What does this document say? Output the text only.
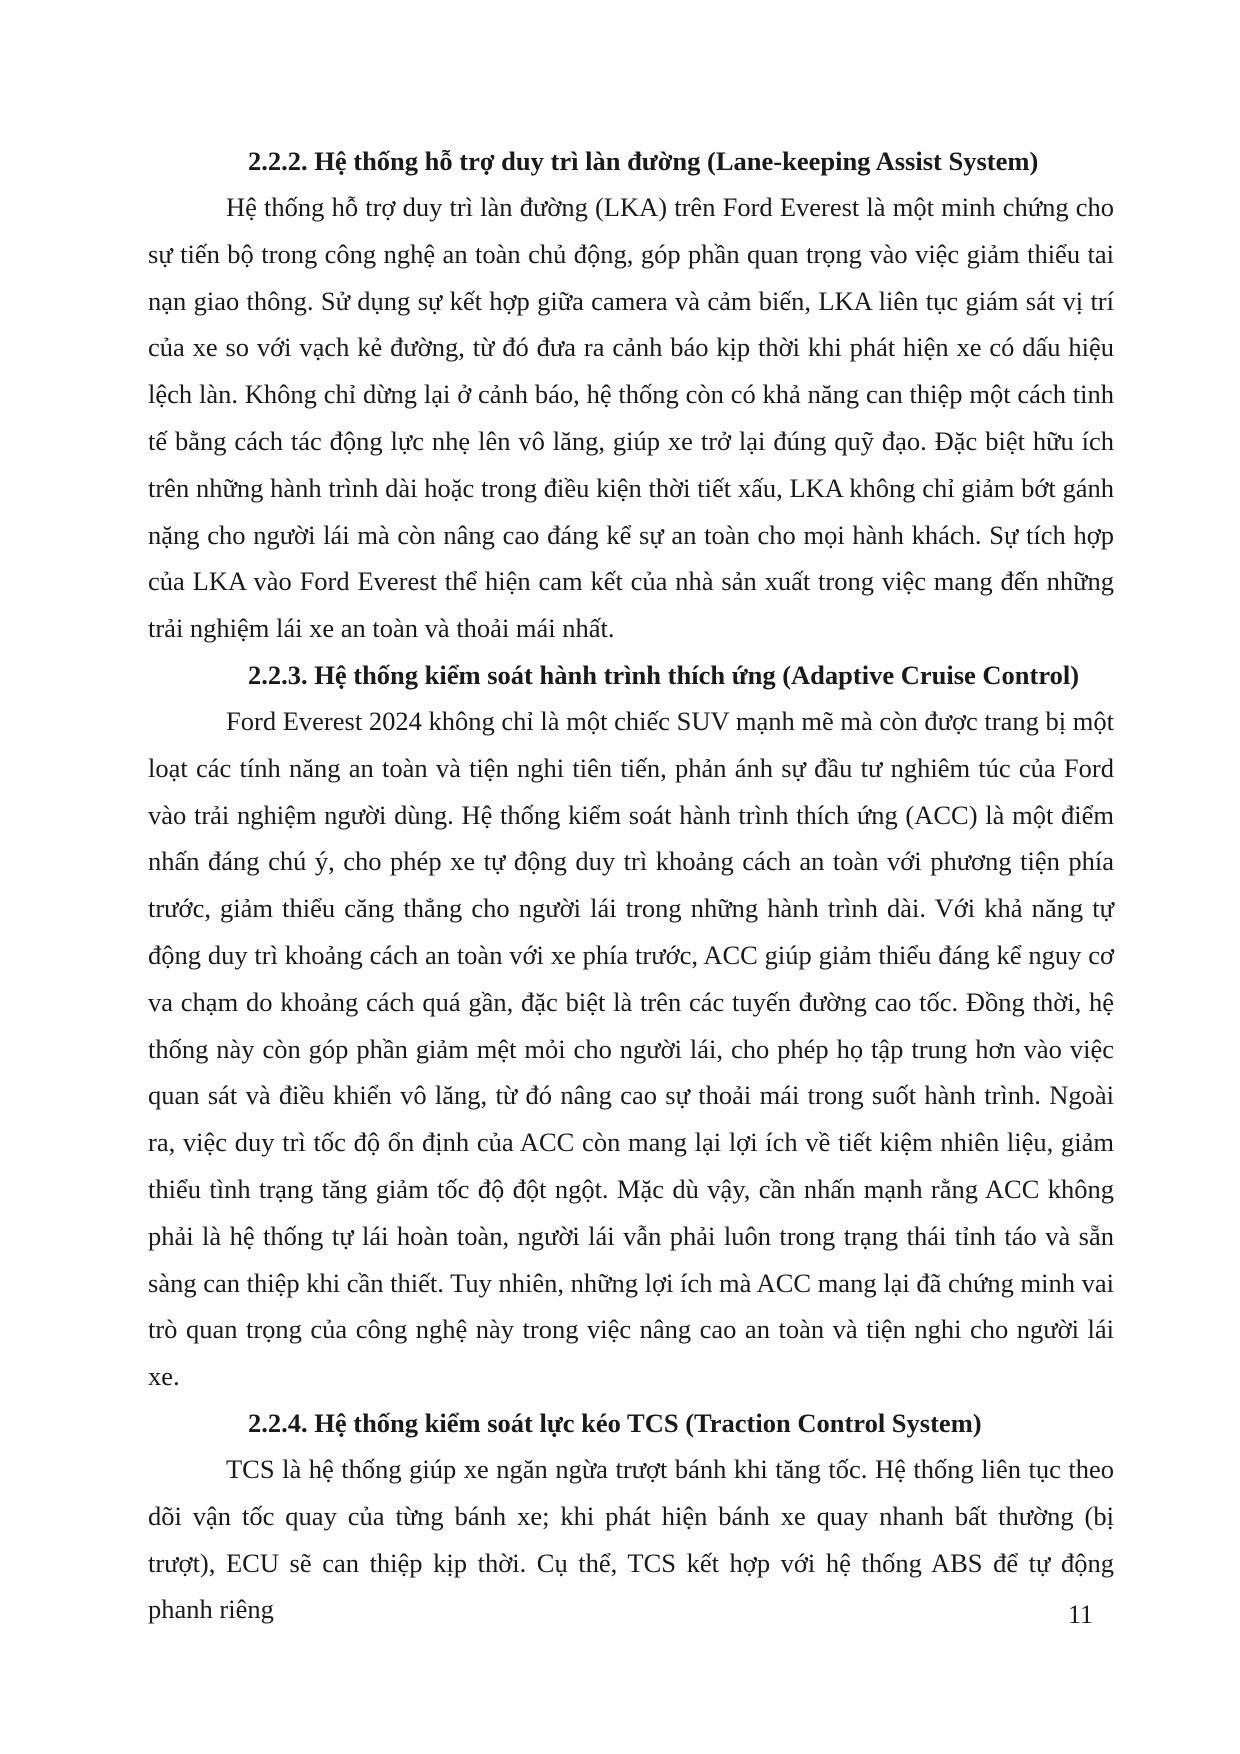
2.2.2. Hệ thống hỗ trợ duy trì làn đường (Lane-keeping Assist System)

Hệ thống hỗ trợ duy trì làn đường (LKA) trên Ford Everest là một minh chứng cho sự tiến bộ trong công nghệ an toàn chủ động, góp phần quan trọng vào việc giảm thiểu tai nạn giao thông. Sử dụng sự kết hợp giữa camera và cảm biến, LKA liên tục giám sát vị trí của xe so với vạch kẻ đường, từ đó đưa ra cảnh báo kịp thời khi phát hiện xe có dấu hiệu lệch làn. Không chỉ dừng lại ở cảnh báo, hệ thống còn có khả năng can thiệp một cách tinh tế bằng cách tác động lực nhẹ lên vô lăng, giúp xe trở lại đúng quỹ đạo. Đặc biệt hữu ích trên những hành trình dài hoặc trong điều kiện thời tiết xấu, LKA không chỉ giảm bớt gánh nặng cho người lái mà còn nâng cao đáng kể sự an toàn cho mọi hành khách. Sự tích hợp của LKA vào Ford Everest thể hiện cam kết của nhà sản xuất trong việc mang đến những trải nghiệm lái xe an toàn và thoải mái nhất.

2.2.3. Hệ thống kiểm soát hành trình thích ứng (Adaptive Cruise Control)

Ford Everest 2024 không chỉ là một chiếc SUV mạnh mẽ mà còn được trang bị một loạt các tính năng an toàn và tiện nghi tiên tiến, phản ánh sự đầu tư nghiêm túc của Ford vào trải nghiệm người dùng. Hệ thống kiểm soát hành trình thích ứng (ACC) là một điểm nhấn đáng chú ý, cho phép xe tự động duy trì khoảng cách an toàn với phương tiện phía trước, giảm thiểu căng thẳng cho người lái trong những hành trình dài. Với khả năng tự động duy trì khoảng cách an toàn với xe phía trước, ACC giúp giảm thiểu đáng kể nguy cơ va chạm do khoảng cách quá gần, đặc biệt là trên các tuyến đường cao tốc. Đồng thời, hệ thống này còn góp phần giảm mệt mỏi cho người lái, cho phép họ tập trung hơn vào việc quan sát và điều khiển vô lăng, từ đó nâng cao sự thoải mái trong suốt hành trình. Ngoài ra, việc duy trì tốc độ ổn định của ACC còn mang lại lợi ích về tiết kiệm nhiên liệu, giảm thiểu tình trạng tăng giảm tốc độ đột ngột. Mặc dù vậy, cần nhấn mạnh rằng ACC không phải là hệ thống tự lái hoàn toàn, người lái vẫn phải luôn trong trạng thái tỉnh táo và sẵn sàng can thiệp khi cần thiết. Tuy nhiên, những lợi ích mà ACC mang lại đã chứng minh vai trò quan trọng của công nghệ này trong việc nâng cao an toàn và tiện nghi cho người lái xe.

2.2.4. Hệ thống kiểm soát lực kéo TCS (Traction Control System)

TCS là hệ thống giúp xe ngăn ngừa trượt bánh khi tăng tốc. Hệ thống liên tục theo dõi vận tốc quay của từng bánh xe; khi phát hiện bánh xe quay nhanh bất thường (bị trượt), ECU sẽ can thiệp kịp thời. Cụ thể, TCS kết hợp với hệ thống ABS để tự động phanh riêng	11
